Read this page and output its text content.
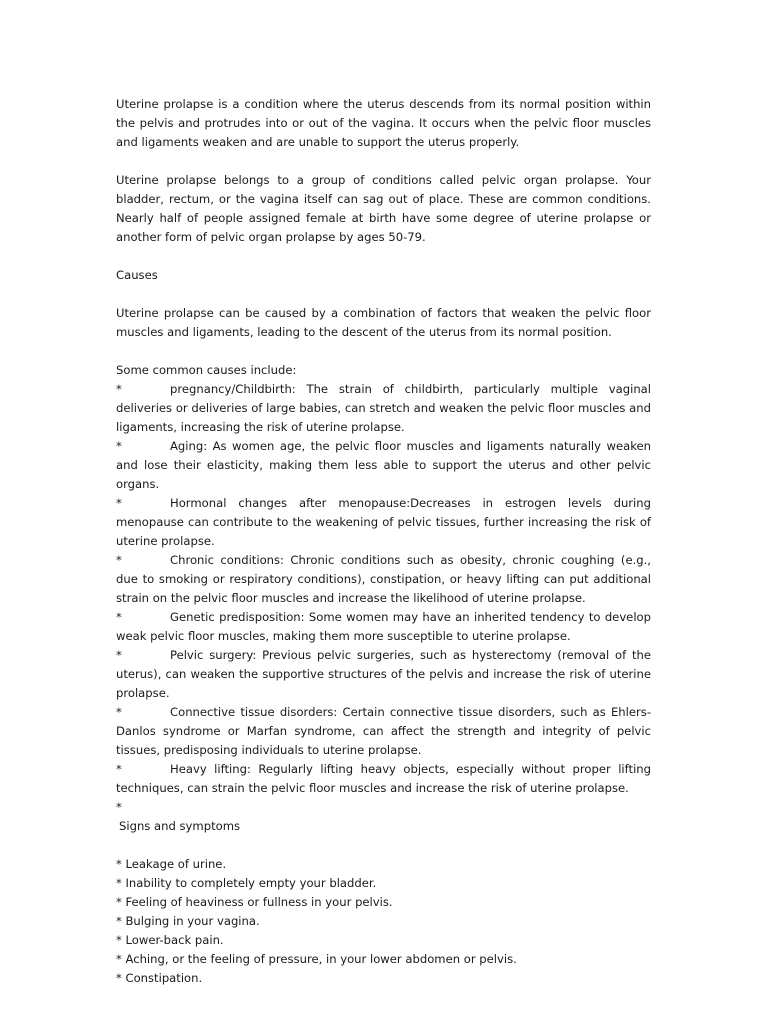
Uterine prolapse is a condition where the uterus descends from its normal position within the pelvis and protrudes into or out of the vagina. It occurs when the pelvic floor muscles and ligaments weaken and are unable to support the uterus properly.

Uterine prolapse belongs to a group of conditions called pelvic organ prolapse. Your bladder, rectum, or the vagina itself can sag out of place. These are common conditions. Nearly half of people assigned female at birth have some degree of uterine prolapse or another form of pelvic organ prolapse by ages 50-79.

Causes

Uterine prolapse can be caused by a combination of factors that weaken the pelvic floor muscles and ligaments, leading to the descent of the uterus from its normal position.

Some common causes include:

*	pregnancy/Childbirth: The strain of childbirth, particularly multiple vaginal deliveries or deliveries of large babies, can stretch and weaken the pelvic floor muscles and ligaments, increasing the risk of uterine prolapse.

*	Aging: As women age, the pelvic floor muscles and ligaments naturally weaken and lose their elasticity, making them less able to support the uterus and other pelvic organs.

*	Hormonal changes after menopause:Decreases in estrogen levels during menopause can contribute to the weakening of pelvic tissues, further increasing the risk of uterine prolapse.

*	Chronic conditions: Chronic conditions such as obesity, chronic coughing (e.g., due to smoking or respiratory conditions), constipation, or heavy lifting can put additional strain on the pelvic floor muscles and increase the likelihood of uterine prolapse.

*	Genetic predisposition: Some women may have an inherited tendency to develop weak pelvic floor muscles, making them more susceptible to uterine prolapse.

*	Pelvic surgery: Previous pelvic surgeries, such as hysterectomy (removal of the uterus), can weaken the supportive structures of the pelvis and increase the risk of uterine prolapse.

*	Connective tissue disorders: Certain connective tissue disorders, such as Ehlers-Danlos syndrome or Marfan syndrome, can affect the strength and integrity of pelvic tissues, predisposing individuals to uterine prolapse.

*	Heavy lifting: Regularly lifting heavy objects, especially without proper lifting techniques, can strain the pelvic floor muscles and increase the risk of uterine prolapse.

*

Signs and symptoms

* Leakage of urine.

* Inability to completely empty your bladder.

* Feeling of heaviness or fullness in your pelvis.

* Bulging in your vagina.

* Lower-back pain.

* Aching, or the feeling of pressure, in your lower abdomen or pelvis.

* Constipation.
